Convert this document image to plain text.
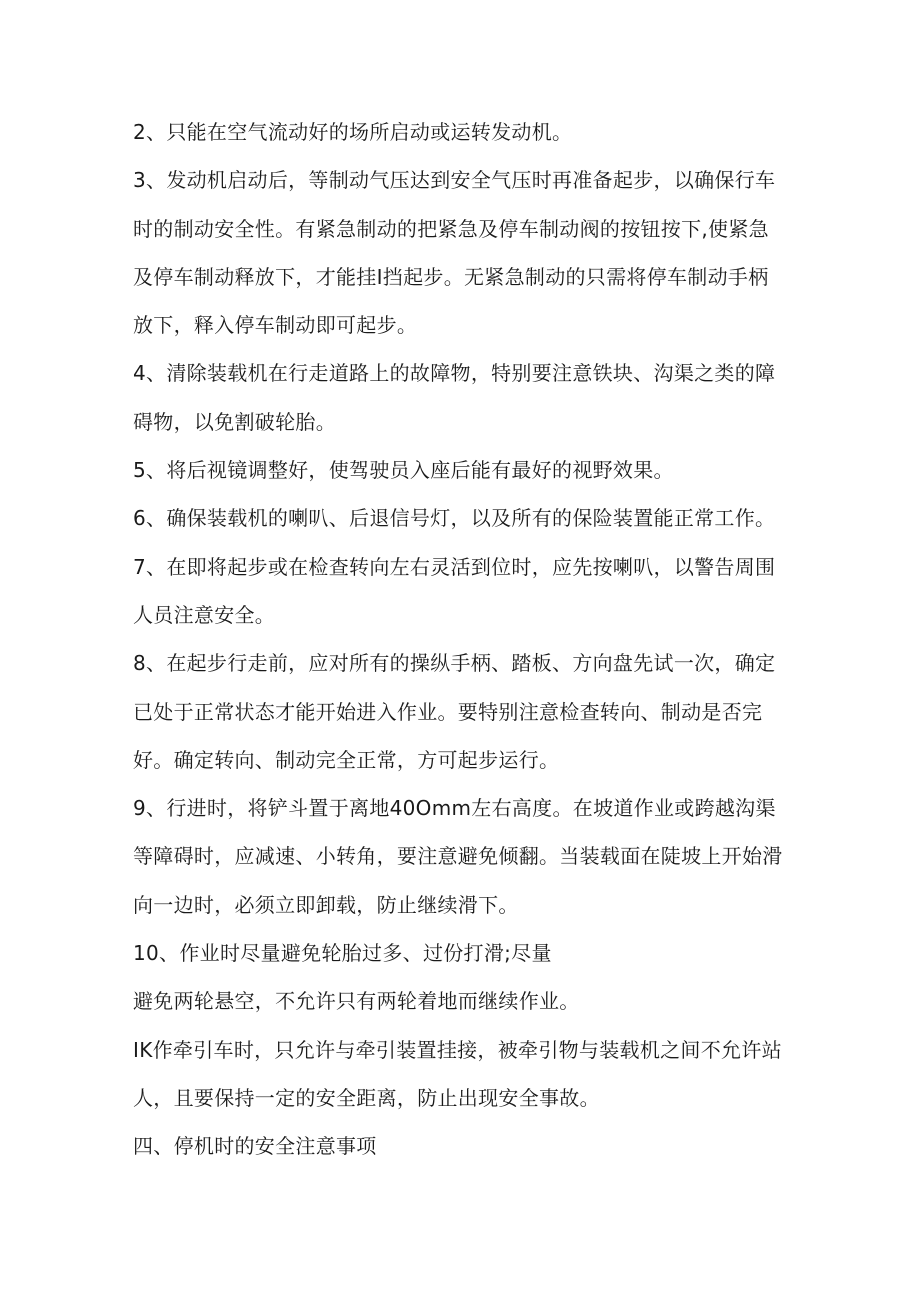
2、只能在空气流动好的场所启动或运转发动机。
3、发动机启动后，等制动气压达到安全气压时再准备起步，以确保行车
时的制动安全性。有紧急制动的把紧急及停车制动阀的按钮按下,使紧急
及停车制动释放下，才能挂I挡起步。无紧急制动的只需将停车制动手柄
放下，释入停车制动即可起步。
4、清除装载机在行走道路上的故障物，特别要注意铁块、沟渠之类的障
碍物，以免割破轮胎。
5、将后视镜调整好，使驾驶员入座后能有最好的视野效果。
6、确保装载机的喇叭、后退信号灯，以及所有的保险装置能正常工作。
7、在即将起步或在检查转向左右灵活到位时，应先按喇叭，以警告周围
人员注意安全。
8、在起步行走前，应对所有的操纵手柄、踏板、方向盘先试一次，确定
已处于正常状态才能开始进入作业。要特别注意检查转向、制动是否完
好。确定转向、制动完全正常，方可起步运行。
9、行进时，将铲斗置于离地40Omm左右高度。在坡道作业或跨越沟渠
等障碍时，应减速、小转角，要注意避免倾翻。当装载面在陡坡上开始滑
向一边时，必须立即卸载，防止继续滑下。
10、作业时尽量避免轮胎过多、过份打滑;尽量
避免两轮悬空，不允许只有两轮着地而继续作业。
IK作牵引车时，只允许与牵引装置挂接，被牵引物与装载机之间不允许站
人，且要保持一定的安全距离，防止出现安全事故。
四、停机时的安全注意事项
